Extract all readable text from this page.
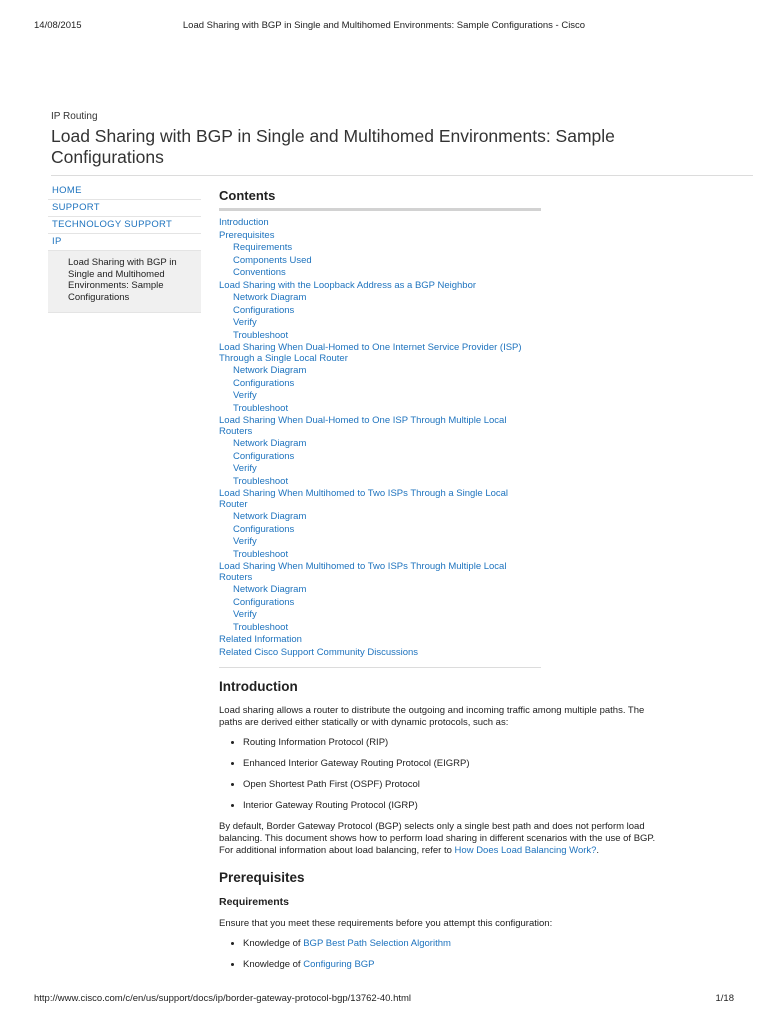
14/08/2015	Load Sharing with BGP in Single and Multihomed Environments: Sample Configurations - Cisco
IP Routing
Load Sharing with BGP in Single and Multihomed Environments: Sample Configurations
HOME
SUPPORT
TECHNOLOGY SUPPORT
IP
Load Sharing with BGP in Single and Multihomed Environments: Sample Configurations
Contents
Introduction
Prerequisites
Requirements
Components Used
Conventions
Load Sharing with the Loopback Address as a BGP Neighbor
Network Diagram
Configurations
Verify
Troubleshoot
Load Sharing When Dual-Homed to One Internet Service Provider (ISP) Through a Single Local Router
Network Diagram
Configurations
Verify
Troubleshoot
Load Sharing When Dual-Homed to One ISP Through Multiple Local Routers
Network Diagram
Configurations
Verify
Troubleshoot
Load Sharing When Multihomed to Two ISPs Through a Single Local Router
Network Diagram
Configurations
Verify
Troubleshoot
Load Sharing When Multihomed to Two ISPs Through Multiple Local Routers
Network Diagram
Configurations
Verify
Troubleshoot
Related Information
Related Cisco Support Community Discussions
Introduction

Load sharing allows a router to distribute the outgoing and incoming traffic among multiple paths. The paths are derived either statically or with dynamic protocols, such as:

• Routing Information Protocol (RIP)
• Enhanced Interior Gateway Routing Protocol (EIGRP)
• Open Shortest Path First (OSPF) Protocol
• Interior Gateway Routing Protocol (IGRP)

By default, Border Gateway Protocol (BGP) selects only a single best path and does not perform load balancing. This document shows how to perform load sharing in different scenarios with the use of BGP. For additional information about load balancing, refer to How Does Load Balancing Work?.

Prerequisites
Requirements

Ensure that you meet these requirements before you attempt this configuration:

• Knowledge of BGP Best Path Selection Algorithm
• Knowledge of Configuring BGP
http://www.cisco.com/c/en/us/support/docs/ip/border-gateway-protocol-bgp/13762-40.html	1/18
